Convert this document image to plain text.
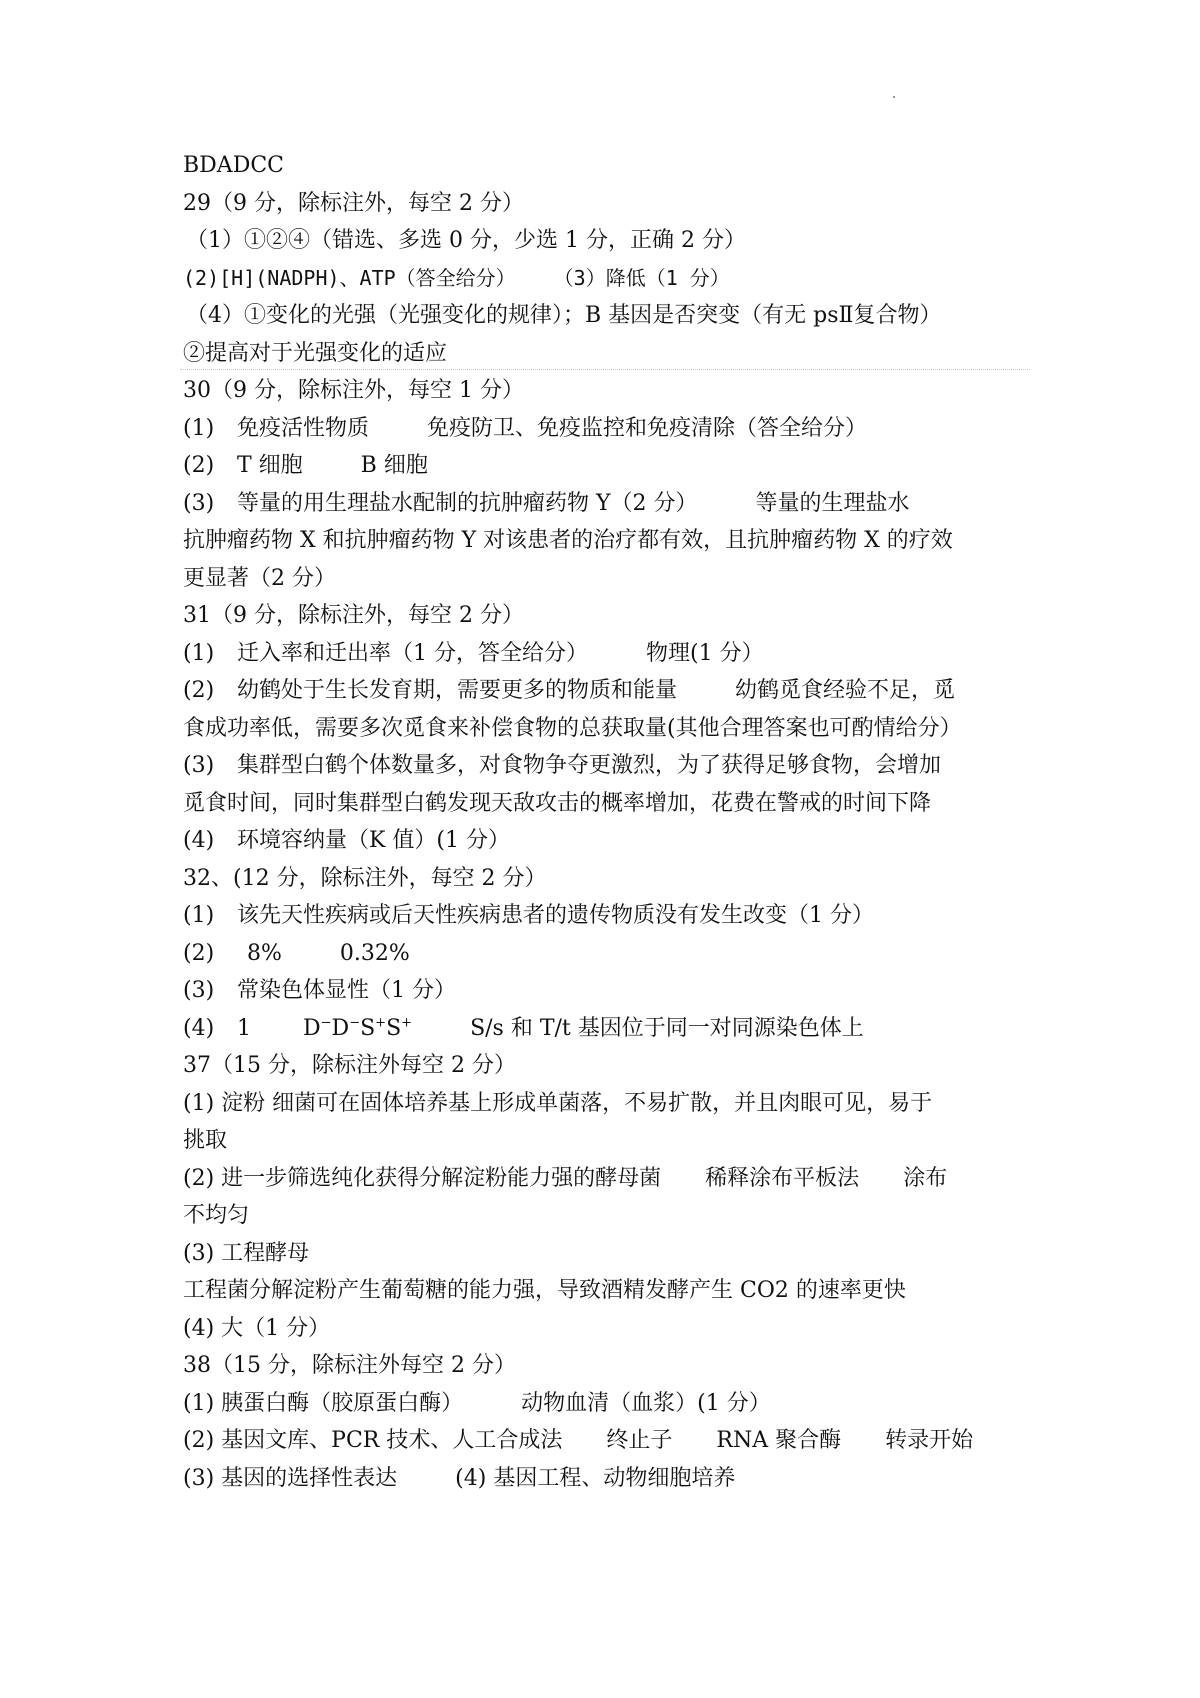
BDADCC
29（9 分，除标注外，每空 2 分）
（1）①②④（错选、多选 0 分，少选 1 分，正确 2 分）
(2)[H](NADPH)、ATP（答全给分） （3）降低（1 分）
（4）①变化的光强（光强变化的规律）；B 基因是否突变（有无 psⅡ复合物）
②提高对于光强变化的适应
30（9 分，除标注外，每空 1 分）
(1) 免疫活性物质	免疫防卫、免疫监控和免疫清除（答全给分）
(2) T 细胞	B 细胞
(3) 等量的用生理盐水配制的抗肿瘤药物 Y（2 分）	等量的生理盐水
抗肿瘤药物 X 和抗肿瘤药物 Y 对该患者的治疗都有效，且抗肿瘤药物 X 的疗效
更显著（2 分）
31（9 分，除标注外，每空 2 分）
(1) 迁入率和迁出率（1 分，答全给分）	物理(1 分）
(2) 幼鹤处于生长发育期，需要更多的物质和能量	幼鹤觅食经验不足，觅
食成功率低，需要多次觅食来补偿食物的总获取量(其他合理答案也可酌情给分）
(3) 集群型白鹤个体数量多，对食物争夺更激烈，为了获得足够食物，会增加
觅食时间，同时集群型白鹤发现天敌攻击的概率增加，花费在警戒的时间下降
(4) 环境容纳量（K 值）(1 分）
32、(12 分，除标注外，每空 2 分）
(1) 该先天性疾病或后天性疾病患者的遗传物质没有发生改变（1 分）
(2) 8%	0.32%
(3) 常染色体显性（1 分）
(4) 1 D−D−S+S+	S/s 和 T/t 基因位于同一对同源染色体上
37（15 分，除标注外每空 2 分）
(1) 淀粉 细菌可在固体培养基上形成单菌落，不易扩散，并且肉眼可见，易于
挑取
(2) 进一步筛选纯化获得分解淀粉能力强的酵母菌 稀释涂布平板法 涂布
不均匀
(3) 工程酵母
工程菌分解淀粉产生葡萄糖的能力强，导致酒精发酵产生 CO2 的速率更快
(4) 大（1 分）
38（15 分，除标注外每空 2 分）
(1) 胰蛋白酶（胶原蛋白酶）	动物血清（血浆）(1 分）
(2) 基因文库、PCR 技术、人工合成法 终止子 RNA 聚合酶 转录开始
(3) 基因的选择性表达	(4) 基因工程、动物细胞培养
